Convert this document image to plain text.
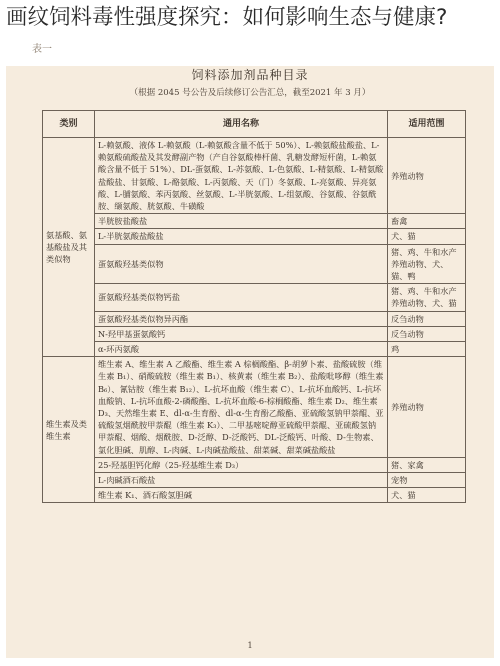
画纹饲料毒性强度探究：如何影响生态与健康?
饲料添加剂品种目录
（根据 2045 号公告及后续修订公告汇总，截至2021 年 3 月）
类别	通用名称	适用范围
氨基酸、氨基酸盐及其类似物	L-赖氨酸、液体 L-赖氨酸（L-赖氨酸含量不低于 50%）、L-赖氨酸盐酸盐、L-赖氨酸硫酸盐及其发酵副产物（产自谷氨酸棒杆菌、乳糖发酵短杆菌，L-赖氨酸含量不低于 51%）、DL-蛋氨酸、L-苏氨酸、L-色氨酸、L-精氨酸、L-精氨酸盐酸盐、甘氨酸、L-酪氨酸、L-丙氨酸、天（门）冬氨酸、L-亮氨酸、异亮氨酸、L-脯氨酸、苯丙氨酸、丝氨酸、L-半胱氨酸、L-组氨酸、谷氨酸、谷氨酰胺、缬氨酸、胱氨酸、牛磺酸	养殖动物
	半胱胺盐酸盐	畜禽
	L-半胱氨酸盐酸盐	犬、猫
	蛋氨酸羟基类似物	猪、鸡、牛和水产养殖动物、犬、猫、鸭
	蛋氨酸羟基类似物钙盐	猪、鸡、牛和水产养殖动物、犬、猫
	蛋氨酸羟基类似物异丙酯	反刍动物
	N-羟甲基蛋氨酸钙	反刍动物
	α-环丙氨酸	鸡
维生素及类维生素	维生素 A、维生素 A 乙酸酯、维生素 A 棕榈酸酯、β-胡萝卜素、盐酸硫胺（维生素 B₁）、硝酸硫胺（维生素 B₁）、核黄素（维生素 B₂）、盐酸吡哆醇（维生素 B₆）、氰钴胺（维生素 B₁₂）、L-抗坏血酸（维生素 C）、L-抗坏血酸钙、L-抗坏血酸钠、L-抗坏血酸-2-磷酸酯、L-抗坏血酸-6-棕榈酸酯、维生素 D₂、维生素 D₃、天然维生素 E、dl-α-生育酚、dl-α-生育酚乙酸酯、亚硫酸氢钠甲萘醌、亚硫酸氢烟酰胺甲萘醌（维生素 K₃）、二甲基嘧啶醇亚硫酸甲萘醌、亚硫酸氢钠甲萘醌、烟酸、烟酰胺、D-泛醇、D-泛酸钙、DL-泛酸钙、叶酸、D-生物素、氯化胆碱、肌醇、L-肉碱、L-肉碱盐酸盐、甜菜碱、甜菜碱盐酸盐	养殖动物
	25-羟基胆钙化醇（25-羟基维生素 D₃）	猪、家禽
	L-肉碱酒石酸盐	宠物
	维生素 K₁、酒石酸氢胆碱	犬、猫
1
表一
